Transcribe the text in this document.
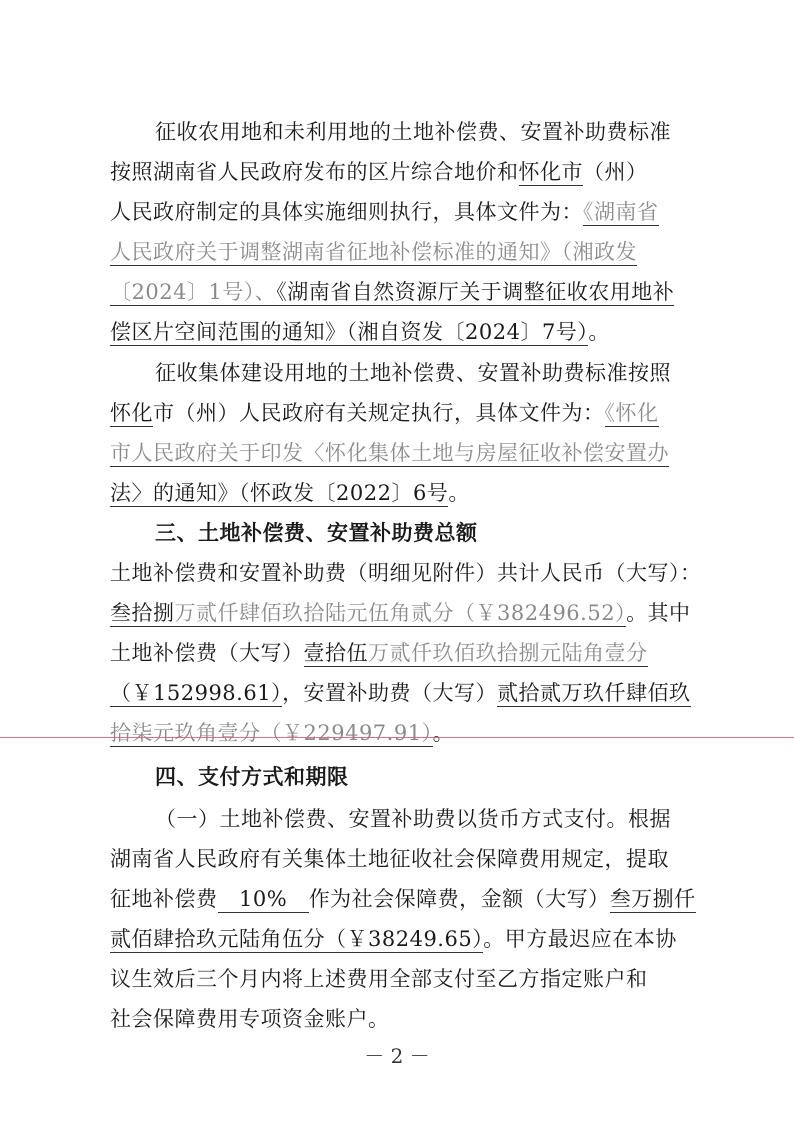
征收农用地和未利用地的土地补偿费、安置补助费标准
按照湖南省人民政府发布的区片综合地价和怀化市（州）
人民政府制定的具体实施细则执行，具体文件为：《湖南省
人民政府关于调整湖南省征地补偿标准的通知》（湘政发
〔2024〕1号）、《湖南省自然资源厅关于调整征收农用地补
偿区片空间范围的通知》（湘自资发〔2024〕7号）。
征收集体建设用地的土地补偿费、安置补助费标准按照
怀化市（州）人民政府有关规定执行，具体文件为：《怀化
市人民政府关于印发〈怀化集体土地与房屋征收补偿安置办
法〉的通知》（怀政发〔2022〕6号。
三、土地补偿费、安置补助费总额
土地补偿费和安置补助费（明细见附件）共计人民币（大写）：
叁拾捌万贰仟肆佰玖拾陆元伍角贰分（￥382496.52）。其中
土地补偿费（大写）壹拾伍万贰仟玖佰玖拾捌元陆角壹分
（￥152998.61），安置补助费（大写）贰拾贰万玖仟肆佰玖
拾柒元玖角壹分（￥229497.91）。
四、支付方式和期限
（一）土地补偿费、安置补助费以货币方式支付。根据
湖南省人民政府有关集体土地征收社会保障费用规定，提取
征地补偿费　10%　作为社会保障费，金额（大写）叁万捌仟
贰佰肆拾玖元陆角伍分（￥38249.65）。甲方最迟应在本协
议生效后三个月内将上述费用全部支付至乙方指定账户和
社会保障费用专项资金账户。
－ 2 －
